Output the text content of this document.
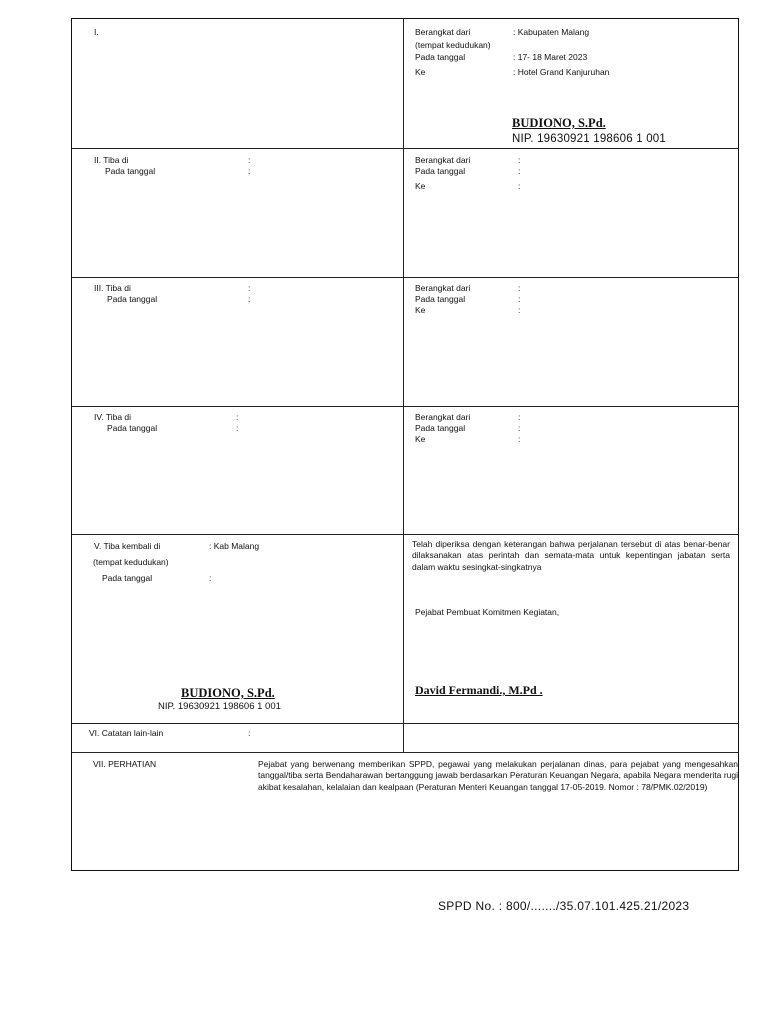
I.	Berangkat dari	: Kabupaten Malang
(tempat kedudukan)
Pada tanggal	: 17- 18 Maret 2023
Ke	: Hotel Grand Kanjuruhan
BUDIONO, S.Pd.
NIP. 19630921 198606 1 001
II. Tiba di	:
Pada tanggal	:
Berangkat dari	:
Pada tanggal	:
Ke	:
III. Tiba di	:
Pada tanggal	:
Berangkat dari	:
Pada tanggal	:
Ke	:
IV. Tiba di	:
Pada tanggal	:
Berangkat dari	:
Pada tanggal	:
Ke	:
V. Tiba kembali di	: Kab Malang
(tempat kedudukan)
Pada tanggal	:
BUDIONO, S.Pd.
NIP. 19630921 198606 1 001
Telah diperiksa dengan keterangan bahwa perjalanan tersebut di atas benar-benar dilaksanakan atas perintah dan semata-mata untuk kepentingan jabatan serta dalam waktu sesingkat-singkatnya
Pejabat Pembuat Komitmen Kegiatan,
David Fermandi., M.Pd .
VI. Catatan lain-lain	:
VII. PERHATIAN	Pejabat yang berwenang memberikan SPPD, pegawai yang melakukan perjalanan dinas, para pejabat yang mengesahkan tanggal/tiba serta Bendaharawan bertanggung jawab berdasarkan Peraturan Keuangan Negara, apabila Negara menderita rugi akibat kesalahan, kelalaian dan kealpaan (Peraturan Menteri Keuangan tanggal 17-05-2019. Nomor : 78/PMK.02/2019)
SPPD No. : 800/......./35.07.101.425.21/2023
